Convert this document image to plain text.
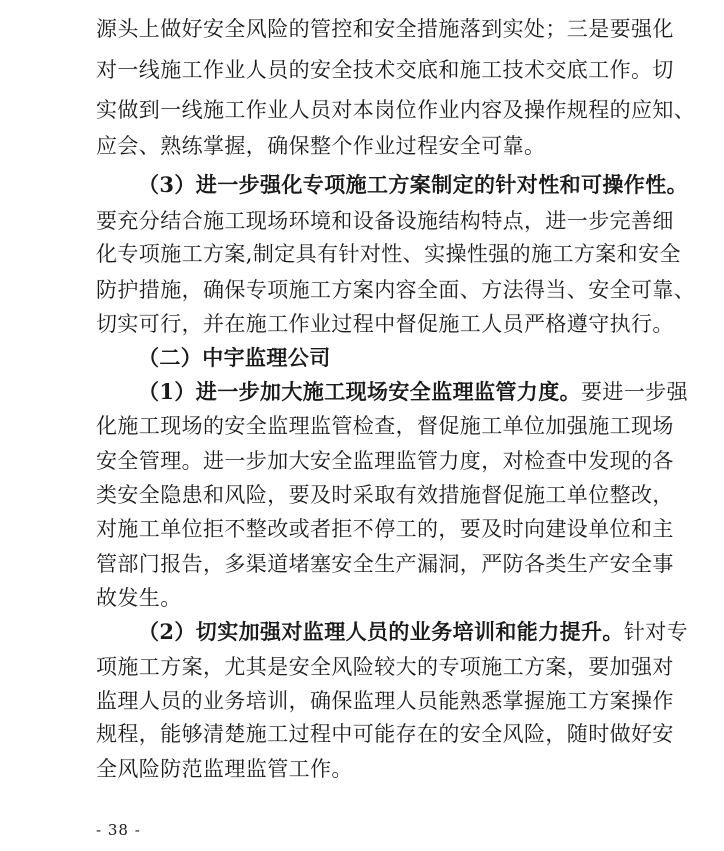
源头上做好安全风险的管控和安全措施落到实处；三是要强化
对一线施工作业人员的安全技术交底和施工技术交底工作。切
实做到一线施工作业人员对本岗位作业内容及操作规程的应知、
应会、熟练掌握，确保整个作业过程安全可靠。
（3）进一步强化专项施工方案制定的针对性和可操作性。
要充分结合施工现场环境和设备设施结构特点，进一步完善细
化专项施工方案,制定具有针对性、实操性强的施工方案和安全
防护措施，确保专项施工方案内容全面、方法得当、安全可靠、
切实可行，并在施工作业过程中督促施工人员严格遵守执行。
（二）中宇监理公司
（1）进一步加大施工现场安全监理监管力度。要进一步强
化施工现场的安全监理监管检查，督促施工单位加强施工现场
安全管理。进一步加大安全监理监管力度，对检查中发现的各
类安全隐患和风险，要及时采取有效措施督促施工单位整改，
对施工单位拒不整改或者拒不停工的，要及时向建设单位和主
管部门报告，多渠道堵塞安全生产漏洞，严防各类生产安全事
故发生。
（2）切实加强对监理人员的业务培训和能力提升。针对专
项施工方案，尤其是安全风险较大的专项施工方案，要加强对
监理人员的业务培训，确保监理人员能熟悉掌握施工方案操作
规程，能够清楚施工过程中可能存在的安全风险，随时做好安
全风险防范监理监管工作。
- 38 -
